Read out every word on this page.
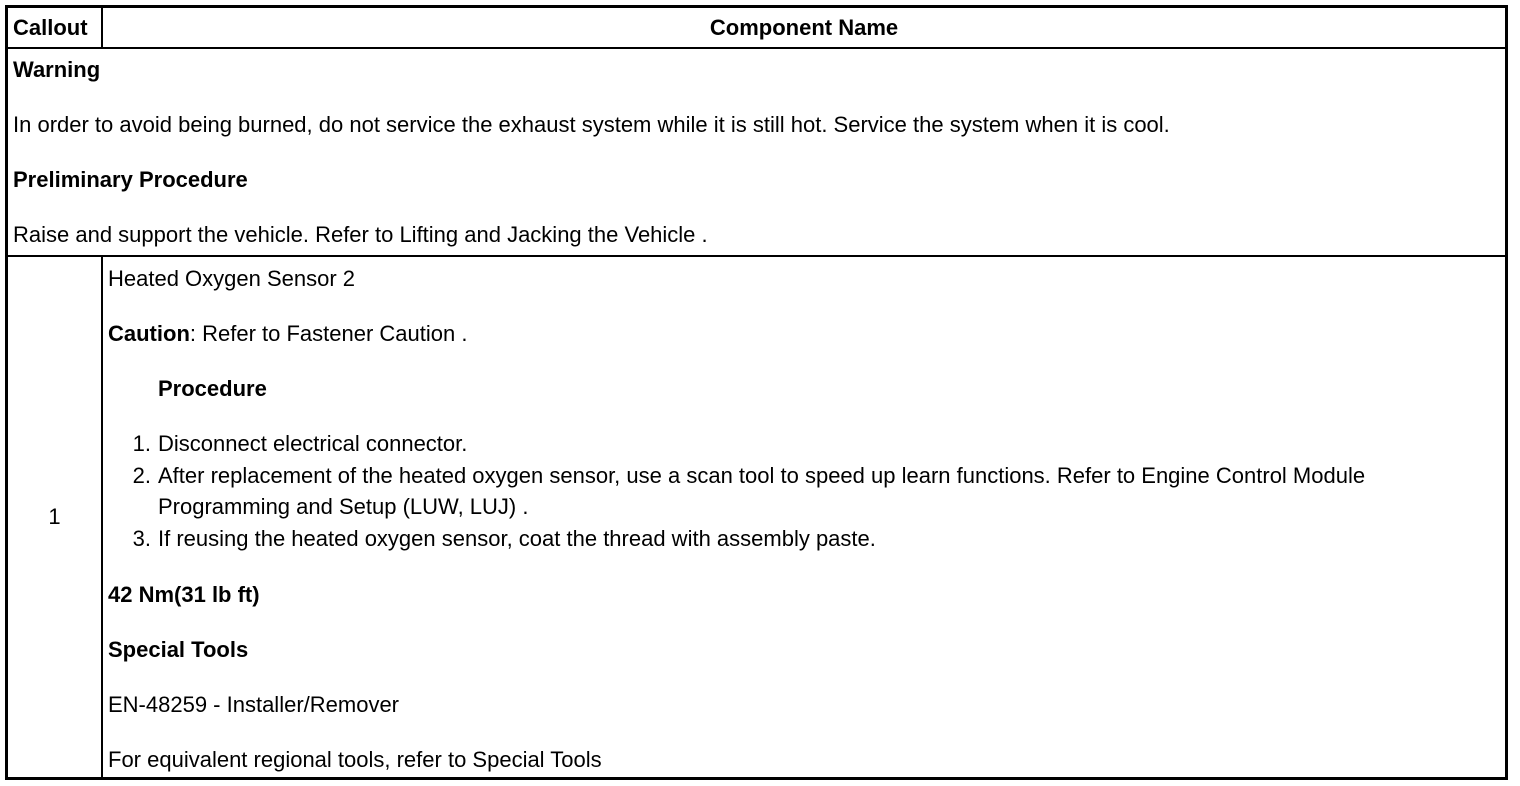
Callout	Component Name
Warning
In order to avoid being burned, do not service the exhaust system while it is still hot. Service the system when it is cool.
Preliminary Procedure
Raise and support the vehicle. Refer to Lifting and Jacking the Vehicle .
1
Heated Oxygen Sensor 2
Caution: Refer to Fastener Caution .
Procedure
1. Disconnect electrical connector.
2. After replacement of the heated oxygen sensor, use a scan tool to speed up learn functions. Refer to Engine Control Module Programming and Setup (LUW, LUJ) .
3. If reusing the heated oxygen sensor, coat the thread with assembly paste.
42 Nm(31 lb ft)
Special Tools
EN-48259 - Installer/Remover
For equivalent regional tools, refer to Special Tools
